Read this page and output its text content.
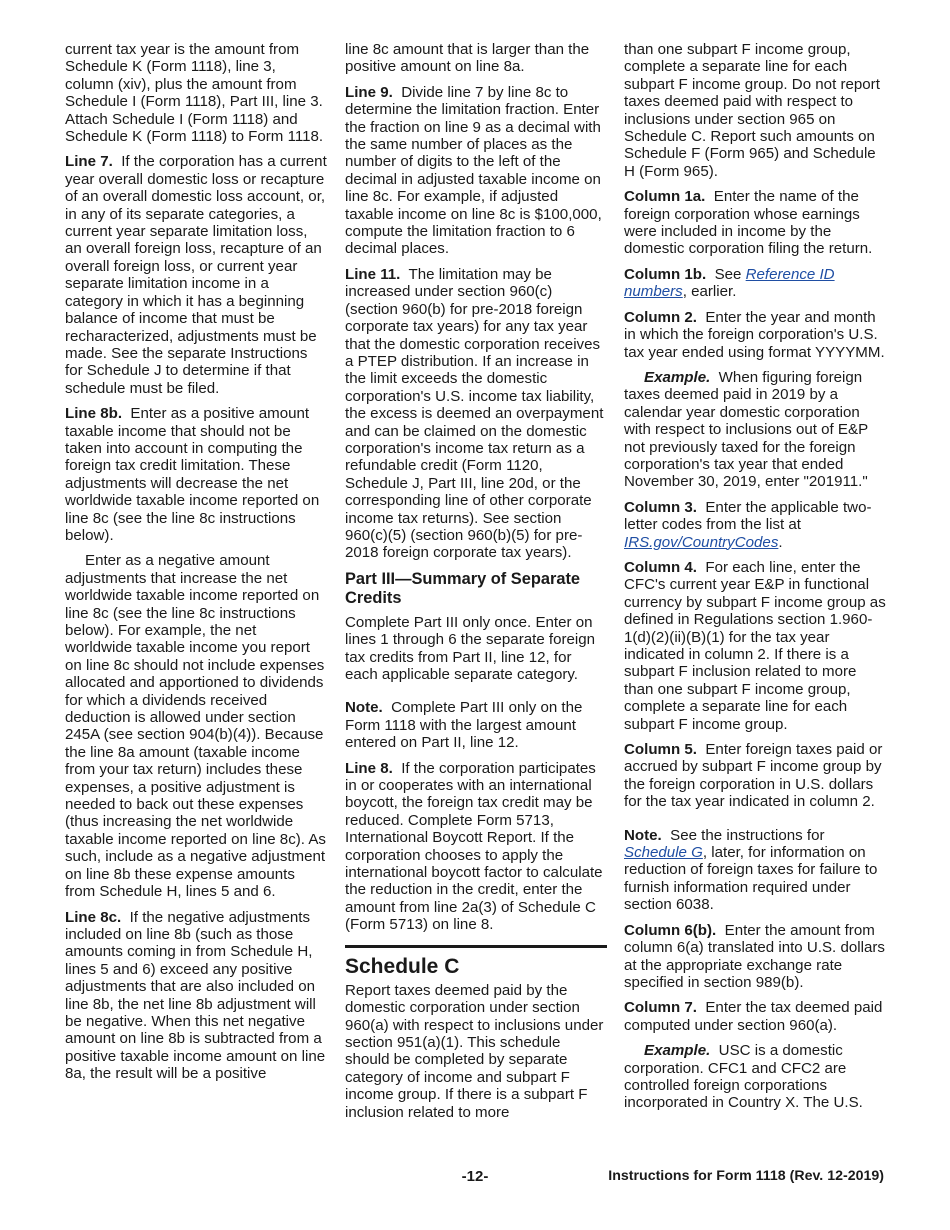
current tax year is the amount from Schedule K (Form 1118), line 3, column (xiv), plus the amount from Schedule I (Form 1118), Part III, line 3. Attach Schedule I (Form 1118) and Schedule K (Form 1118) to Form 1118.

Line 7. If the corporation has a current year overall domestic loss or recapture of an overall domestic loss account, or, in any of its separate categories, a current year separate limitation loss, an overall foreign loss, recapture of an overall foreign loss, or current year separate limitation income in a category in which it has a beginning balance of income that must be recharacterized, adjustments must be made. See the separate Instructions for Schedule J to determine if that schedule must be filed.

Line 8b. Enter as a positive amount taxable income that should not be taken into account in computing the foreign tax credit limitation. These adjustments will decrease the net worldwide taxable income reported on line 8c (see the line 8c instructions below).

Enter as a negative amount adjustments that increase the net worldwide taxable income reported on line 8c (see the line 8c instructions below). For example, the net worldwide taxable income you report on line 8c should not include expenses allocated and apportioned to dividends for which a dividends received deduction is allowed under section 245A (see section 904(b)(4)). Because the line 8a amount (taxable income from your tax return) includes these expenses, a positive adjustment is needed to back out these expenses (thus increasing the net worldwide taxable income reported on line 8c). As such, include as a negative adjustment on line 8b these expense amounts from Schedule H, lines 5 and 6.

Line 8c. If the negative adjustments included on line 8b (such as those amounts coming in from Schedule H, lines 5 and 6) exceed any positive adjustments that are also included on line 8b, the net line 8b adjustment will be negative. When this net negative amount on line 8b is subtracted from a positive taxable income amount on line 8a, the result will be a positive

line 8c amount that is larger than the positive amount on line 8a.

Line 9. Divide line 7 by line 8c to determine the limitation fraction. Enter the fraction on line 9 as a decimal with the same number of places as the number of digits to the left of the decimal in adjusted taxable income on line 8c. For example, if adjusted taxable income on line 8c is $100,000, compute the limitation fraction to 6 decimal places.

Line 11. The limitation may be increased under section 960(c) (section 960(b) for pre-2018 foreign corporate tax years) for any tax year that the domestic corporation receives a PTEP distribution. If an increase in the limit exceeds the domestic corporation's U.S. income tax liability, the excess is deemed an overpayment and can be claimed on the domestic corporation's income tax return as a refundable credit (Form 1120, Schedule J, Part III, line 20d, or the corresponding line of other corporate income tax returns). See section 960(c)(5) (section 960(b)(5) for pre-2018 foreign corporate tax years).

Part III—Summary of Separate Credits

Complete Part III only once. Enter on lines 1 through 6 the separate foreign tax credits from Part II, line 12, for each applicable separate category.

Note. Complete Part III only on the Form 1118 with the largest amount entered on Part II, line 12.

Line 8. If the corporation participates in or cooperates with an international boycott, the foreign tax credit may be reduced. Complete Form 5713, International Boycott Report. If the corporation chooses to apply the international boycott factor to calculate the reduction in the credit, enter the amount from line 2a(3) of Schedule C (Form 5713) on line 8.

Schedule C

Report taxes deemed paid by the domestic corporation under section 960(a) with respect to inclusions under section 951(a)(1). This schedule should be completed by separate category of income and subpart F income group. If there is a subpart F inclusion related to more

than one subpart F income group, complete a separate line for each subpart F income group. Do not report taxes deemed paid with respect to inclusions under section 965 on Schedule C. Report such amounts on Schedule F (Form 965) and Schedule H (Form 965).

Column 1a. Enter the name of the foreign corporation whose earnings were included in income by the domestic corporation filing the return.

Column 1b. See Reference ID numbers, earlier.

Column 2. Enter the year and month in which the foreign corporation's U.S. tax year ended using format YYYYMM.

Example. When figuring foreign taxes deemed paid in 2019 by a calendar year domestic corporation with respect to inclusions out of E&P not previously taxed for the foreign corporation's tax year that ended November 30, 2019, enter "201911."

Column 3. Enter the applicable two-letter codes from the list at IRS.gov/CountryCodes.

Column 4. For each line, enter the CFC's current year E&P in functional currency by subpart F income group as defined in Regulations section 1.960-1(d)(2)(ii)(B)(1) for the tax year indicated in column 2. If there is a subpart F inclusion related to more than one subpart F income group, complete a separate line for each subpart F income group.

Column 5. Enter foreign taxes paid or accrued by subpart F income group by the foreign corporation in U.S. dollars for the tax year indicated in column 2.

Note. See the instructions for Schedule G, later, for information on reduction of foreign taxes for failure to furnish information required under section 6038.

Column 6(b). Enter the amount from column 6(a) translated into U.S. dollars at the appropriate exchange rate specified in section 989(b).

Column 7. Enter the tax deemed paid computed under section 960(a).

Example. USC is a domestic corporation. CFC1 and CFC2 are controlled foreign corporations incorporated in Country X. The U.S.

-12-	Instructions for Form 1118 (Rev. 12-2019)
